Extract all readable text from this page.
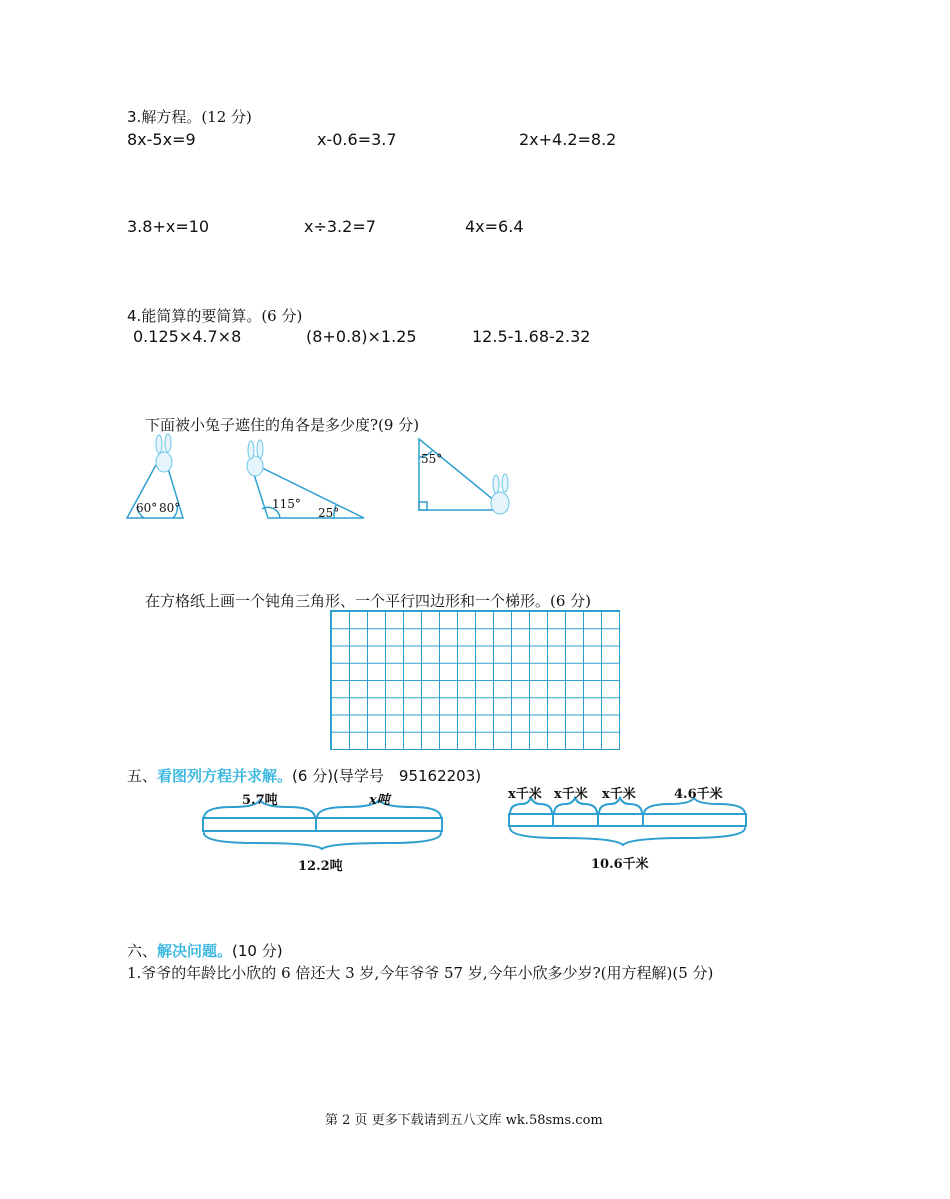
3.解方程。(12 分)
8x-5x=9	x-0.6=3.7	2x+4.2=8.2
3.8+x=10	x÷3.2=7	4x=6.4
4.能简算的要简算。(6 分)
0.125×4.7×8	(8+0.8)×1.25	12.5-1.68-2.32
下面被小兔子遮住的角各是多少度?(9 分)
60° 80°	115°
25°
55°
在方格纸上画一个钝角三角形、一个平行四边形和一个梯形。(6 分)
五、看图列方程并求解。(6 分)(导学号　95162203)
5.7吨	x吨
12.2吨
x千米 x千米 x千米	4.6千米
10.6千米
六、解决问题。(10 分)
1.爷爷的年龄比小欣的 6 倍还大 3 岁,今年爷爷 57 岁,今年小欣多少岁?(用方程解)(5 分)
第 2 页 更多下载请到五八文库 wk.58sms.com
